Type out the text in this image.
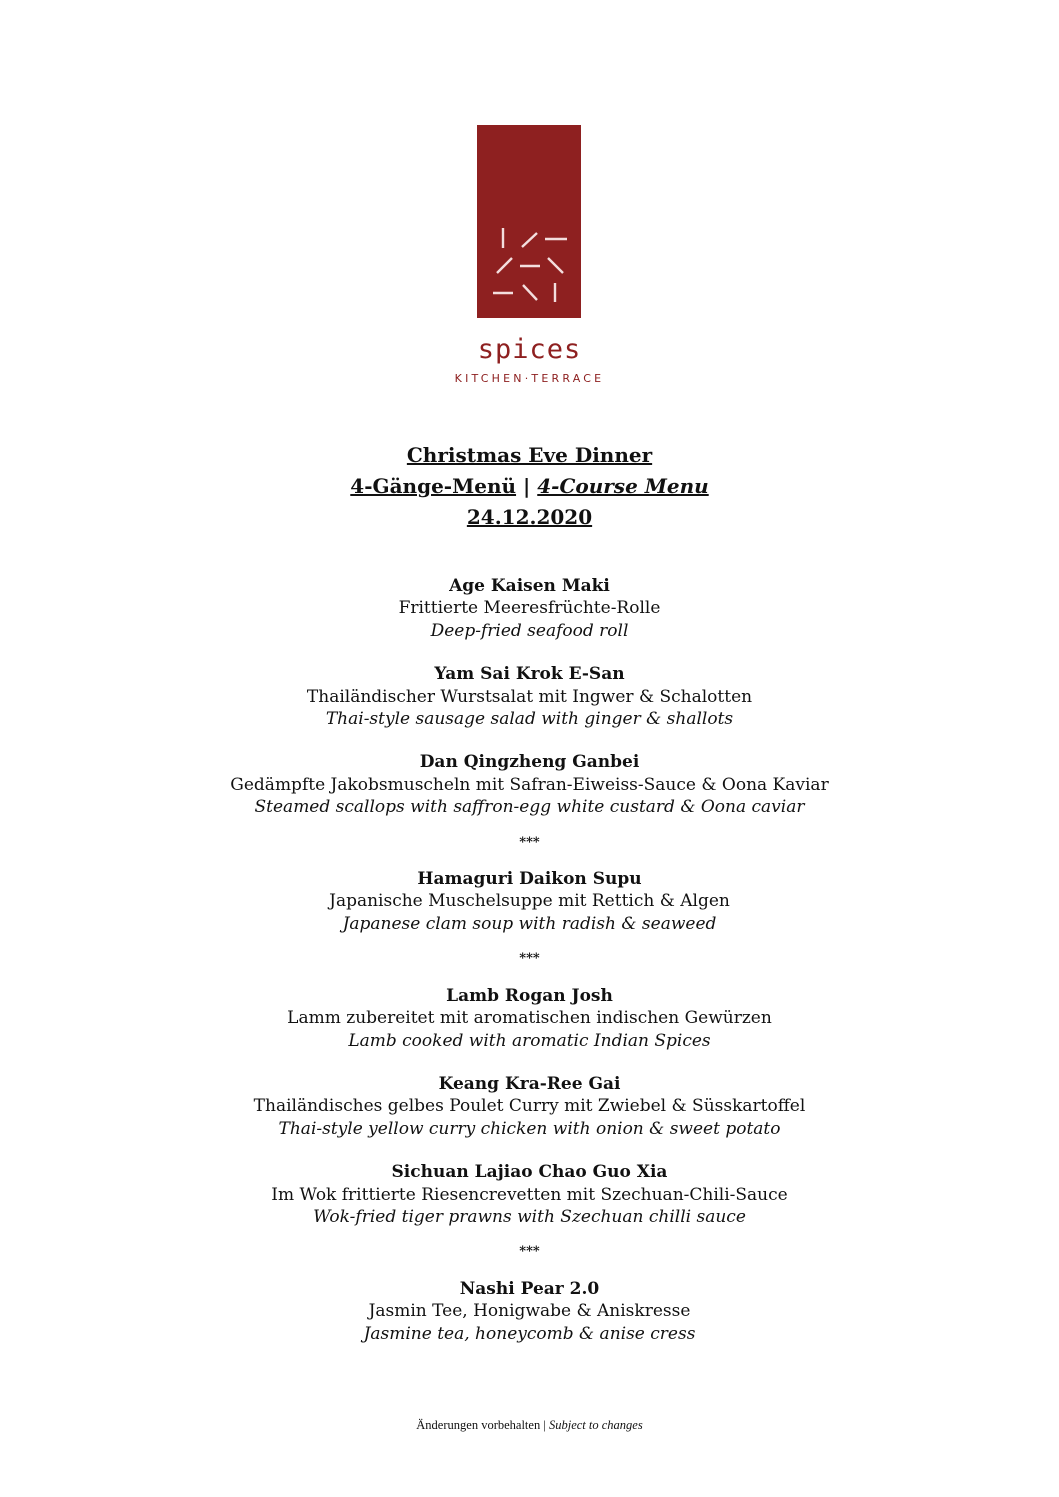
spices
KITCHEN·TERRACE
Christmas Eve Dinner
4-Gänge-Menü | 4-Course Menu
24.12.2020
Age Kaisen Maki
Frittierte Meeresfrüchte-Rolle
Deep-fried seafood roll
Yam Sai Krok E-San
Thailändischer Wurstsalat mit Ingwer & Schalotten
Thai-style sausage salad with ginger & shallots
Dan Qingzheng Ganbei
Gedämpfte Jakobsmuscheln mit Safran-Eiweiss-Sauce & Oona Kaviar
Steamed scallops with saffron-egg white custard & Oona caviar
***
Hamaguri Daikon Supu
Japanische Muschelsuppe mit Rettich & Algen
Japanese clam soup with radish & seaweed
***
Lamb Rogan Josh
Lamm zubereitet mit aromatischen indischen Gewürzen
Lamb cooked with aromatic Indian Spices
Keang Kra-Ree Gai
Thailändisches gelbes Poulet Curry mit Zwiebel & Süsskartoffel
Thai-style yellow curry chicken with onion & sweet potato
Sichuan Lajiao Chao Guo Xia
Im Wok frittierte Riesencrevetten mit Szechuan-Chili-Sauce
Wok-fried tiger prawns with Szechuan chilli sauce
***
Nashi Pear 2.0
Jasmin Tee, Honigwabe & Aniskresse
Jasmine tea, honeycomb & anise cress
Änderungen vorbehalten | Subject to changes
